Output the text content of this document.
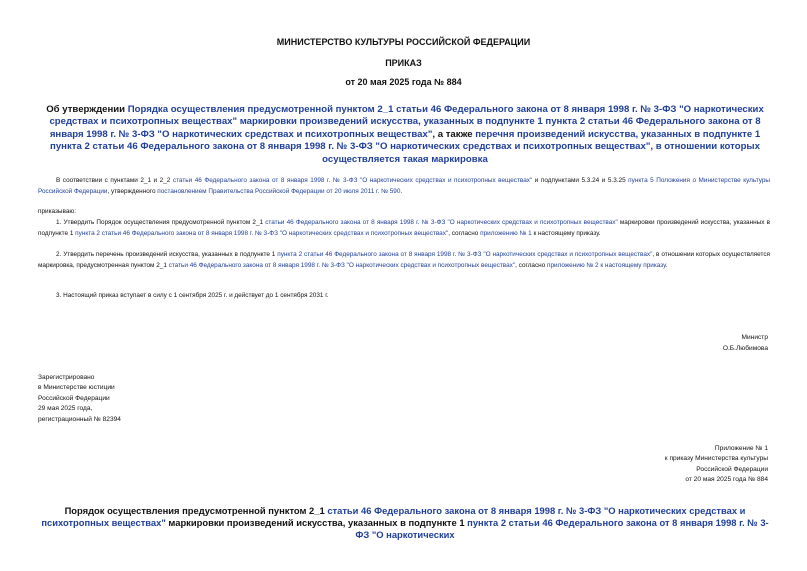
МИНИСТЕРСТВО КУЛЬТУРЫ РОССИЙСКОЙ ФЕДЕРАЦИИ
ПРИКАЗ
от 20 мая 2025 года № 884
Об утверждении Порядка осуществления предусмотренной пунктом 2_1 статьи 46 Федерального закона от 8 января 1998 г. № 3-ФЗ "О наркотических средствах и психотропных веществах" маркировки произведений искусства, указанных в подпункте 1 пункта 2 статьи 46 Федерального закона от 8 января 1998 г. № 3-ФЗ "О наркотических средствах и психотропных веществах", а также перечня произведений искусства, указанных в подпункте 1 пункта 2 статьи 46 Федерального закона от 8 января 1998 г. № 3-ФЗ "О наркотических средствах и психотропных веществах", в отношении которых осуществляется такая маркировка
В соответствии с пунктами 2_1 и 2_2 статьи 46 Федерального закона от 8 января 1998 г. № 3-ФЗ "О наркотических средствах и психотропных веществах" и подпунктами 5.3.24 и 5.3.25 пункта 5 Положения о Министерстве культуры Российской Федерации, утвержденного постановлением Правительства Российской Федерации от 20 июля 2011 г. № 590.
приказываю:
1. Утвердить Порядок осуществления предусмотренной пунктом 2_1 статьи 46 Федерального закона от 8 января 1998 г. № 3-ФЗ "О наркотических средствах и психотропных веществах" маркировки произведений искусства, указанных в подпункте 1 пункта 2 статьи 46 Федерального закона от 8 января 1998 г. № 3-ФЗ "О наркотических средствах и психотропных веществах", согласно приложению № 1 к настоящему приказу.
2. Утвердить перечень произведений искусства, указанных в подпункте 1 пункта 2 статьи 46 Федерального закона от 8 января 1998 г. № 3-ФЗ "О наркотических средствах и психотропных веществах", в отношении которых осуществляется маркировка, предусмотренная пунктом 2_1 статьи 46 Федерального закона от 8 января 1998 г. № 3-ФЗ "О наркотических средствах и психотропных веществах", согласно приложению № 2 к настоящему приказу.
3. Настоящий приказ вступает в силу с 1 сентября 2025 г. и действует до 1 сентября 2031 г.
Министр
О.Б.Любимова
Зарегистрировано
в Министерстве юстиции
Российской Федерации
29 мая 2025 года,
регистрационный № 82394
Приложение № 1
к приказу Министерства культуры
Российской Федерации
от 20 мая 2025 года № 884
Порядок осуществления предусмотренной пунктом 2_1 статьи 46 Федерального закона от 8 января 1998 г. № 3-ФЗ "О наркотических средствах и психотропных веществах" маркировки произведений искусства, указанных в подпункте 1 пункта 2 статьи 46 Федерального закона от 8 января 1998 г. № 3-ФЗ "О наркотических
